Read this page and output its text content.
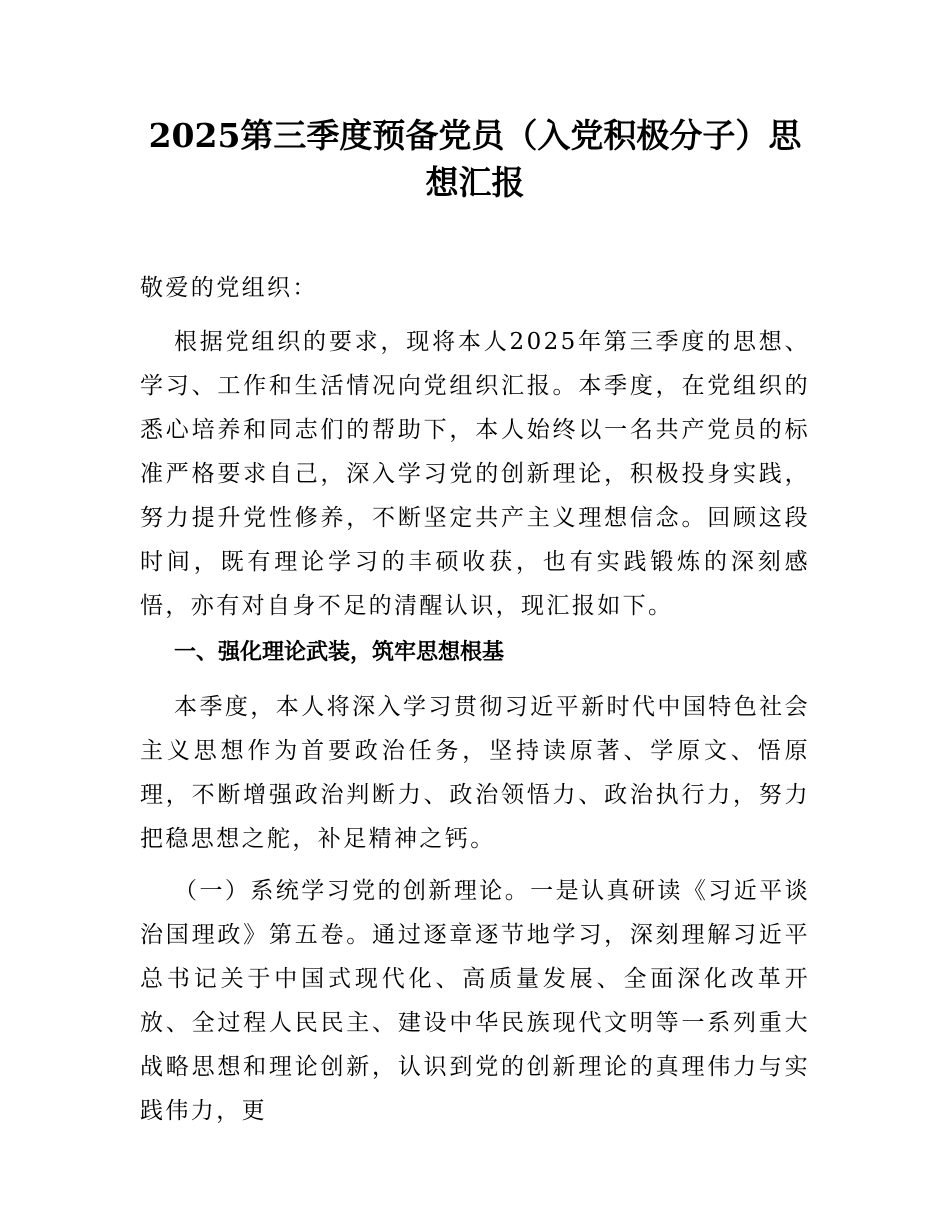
2025第三季度预备党员（入党积极分子）思想汇报

敬爱的党组织：

根据党组织的要求，现将本人2025年第三季度的思想、学习、工作和生活情况向党组织汇报。本季度，在党组织的悉心培养和同志们的帮助下，本人始终以一名共产党员的标准严格要求自己，深入学习党的创新理论，积极投身实践，努力提升党性修养，不断坚定共产主义理想信念。回顾这段时间，既有理论学习的丰硕收获，也有实践锻炼的深刻感悟，亦有对自身不足的清醒认识，现汇报如下。

一、强化理论武装，筑牢思想根基

本季度，本人将深入学习贯彻习近平新时代中国特色社会主义思想作为首要政治任务，坚持读原著、学原文、悟原理，不断增强政治判断力、政治领悟力、政治执行力，努力把稳思想之舵，补足精神之钙。

（一）系统学习党的创新理论。一是认真研读《习近平谈治国理政》第五卷。通过逐章逐节地学习，深刻理解习近平总书记关于中国式现代化、高质量发展、全面深化改革开放、全过程人民民主、建设中华民族现代文明等一系列重大战略思想和理论创新，认识到党的创新理论的真理伟力与实践伟力，更
